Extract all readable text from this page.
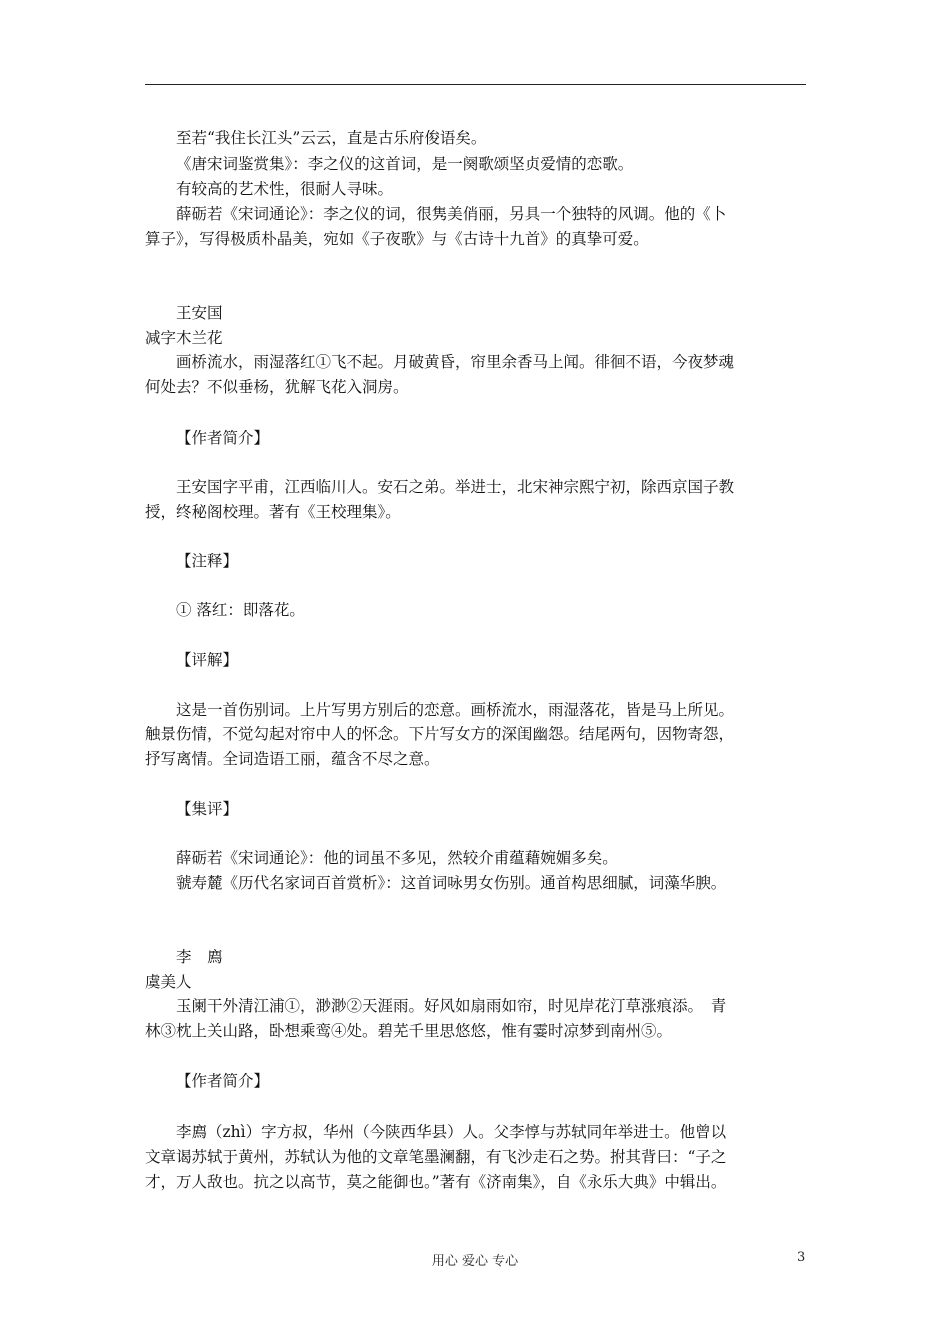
至若“我住长江头”云云，直是古乐府俊语矣。
《唐宋词鉴赏集》：李之仪的这首词，是一阕歌颂坚贞爱情的恋歌。
有较高的艺术性，很耐人寻味。
薛砺若《宋词通论》：李之仪的词，很隽美俏丽，另具一个独特的风调。他的《卜
算子》，写得极质朴晶美，宛如《子夜歌》与《古诗十九首》的真挚可爱。
王安国
减字木兰花
画桥流水，雨湿落红①飞不起。月破黄昏，帘里余香马上闻。徘徊不语，今夜梦魂
何处去？不似垂杨，犹解飞花入洞房。
【作者简介】
王安国字平甫，江西临川人。安石之弟。举进士，北宋神宗熙宁初，除西京国子教
授，终秘阁校理。著有《王校理集》。
【注释】
① 落红：即落花。
【评解】
这是一首伤别词。上片写男方别后的恋意。画桥流水，雨湿落花，皆是马上所见。
触景伤情，不觉勾起对帘中人的怀念。下片写女方的深闺幽怨。结尾两句，因物寄怨，
抒写离情。全词造语工丽，蕴含不尽之意。
【集评】
薛砺若《宋词通论》：他的词虽不多见，然较介甫蕴藉婉媚多矣。
虢寿麓《历代名家词百首赏析》：这首词咏男女伤别。通首构思细腻，词藻华腴。
李　廌
虞美人
玉阑干外清江浦①，渺渺②天涯雨。好风如扇雨如帘，时见岸花汀草涨痕添。　青
林③枕上关山路，卧想乘鸾④处。碧芜千里思悠悠，惟有霎时凉梦到南州⑤。
【作者简介】
李廌（zhì）字方叔，华州（今陕西华县）人。父李惇与苏轼同年举进士。他曾以
文章谒苏轼于黄州，苏轼认为他的文章笔墨澜翻，有飞沙走石之势。拊其背曰：“子之
才，万人敌也。抗之以高节，莫之能御也。”著有《济南集》，自《永乐大典》中辑出。
用心 爱心 专心	3
